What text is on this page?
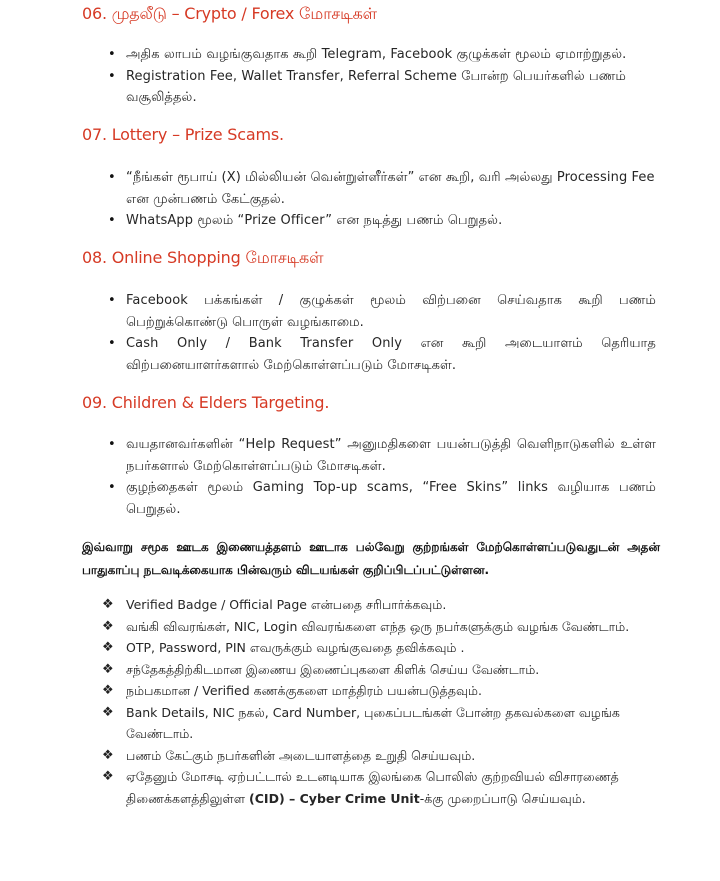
06. முதலீடு – Crypto / Forex மோசடிகள்
• அதிக லாபம் வழங்குவதாக கூறி Telegram, Facebook குழுக்கள் மூலம் ஏமாற்றுதல்.
• Registration Fee, Wallet Transfer, Referral Scheme போன்ற பெயர்களில் பணம் வசூலித்தல்.
07. Lottery – Prize Scams.
• “நீங்கள் ரூபாய் (X) மில்லியன் வென்றுள்ளீர்கள்” என கூறி, வரி அல்லது Processing Fee என முன்பணம் கேட்குதல்.
• WhatsApp மூலம் “Prize Officer” என நடித்து பணம் பெறுதல்.
08. Online Shopping மோசடிகள்
• Facebook பக்கங்கள் / குழுக்கள் மூலம் விற்பனை செய்வதாக கூறி பணம் பெற்றுக்கொண்டு பொருள் வழங்காமை.
• Cash Only / Bank Transfer Only என கூறி அடையாளம் தெரியாத விற்பனையாளர்களால் மேற்கொள்ளப்படும் மோசடிகள்.
09. Children & Elders Targeting.
• வயதானவர்களின் “Help Request” அனுமதிகளை பயன்படுத்தி வெளிநாடுகளில் உள்ள நபர்களால் மேற்கொள்ளப்படும் மோசடிகள்.
• குழந்தைகள் மூலம் Gaming Top-up scams, “Free Skins” links வழியாக பணம் பெறுதல்.

இவ்வாறு சமூக ஊடக இணையத்தளம் ஊடாக பல்வேறு குற்றங்கள் மேற்கொள்ளப்படுவதுடன் அதன் பாதுகாப்பு நடவடிக்கையாக பின்வரும் விடயங்கள் குறிப்பிடப்பட்டுள்ளன.

❖ Verified Badge / Official Page என்பதை சரிபார்க்கவும்.
❖ வங்கி விவரங்கள், NIC, Login விவரங்களை எந்த ஒரு நபர்களுக்கும் வழங்க வேண்டாம்.
❖ OTP, Password, PIN எவருக்கும் வழங்குவதை தவிக்கவும் .
❖ சந்தேகத்திற்கிடமான இணைய இணைப்புகளை கிளிக் செய்ய வேண்டாம்.
❖ நம்பகமான / Verified கணக்குகளை மாத்திரம் பயன்படுத்தவும்.
❖ Bank Details, NIC நகல், Card Number, புகைப்படங்கள் போன்ற தகவல்களை வழங்க வேண்டாம்.
❖ பணம் கேட்கும் நபர்களின் அடையாளத்தை உறுதி செய்யவும்.
❖ ஏதேனும் மோசடி ஏற்பட்டால் உடனடியாக இலங்கை பொலிஸ் குற்றவியல் விசாரணைத் திணைக்களத்திலுள்ள (CID) – Cyber Crime Unit-க்கு முறைப்பாடு செய்யவும்.
